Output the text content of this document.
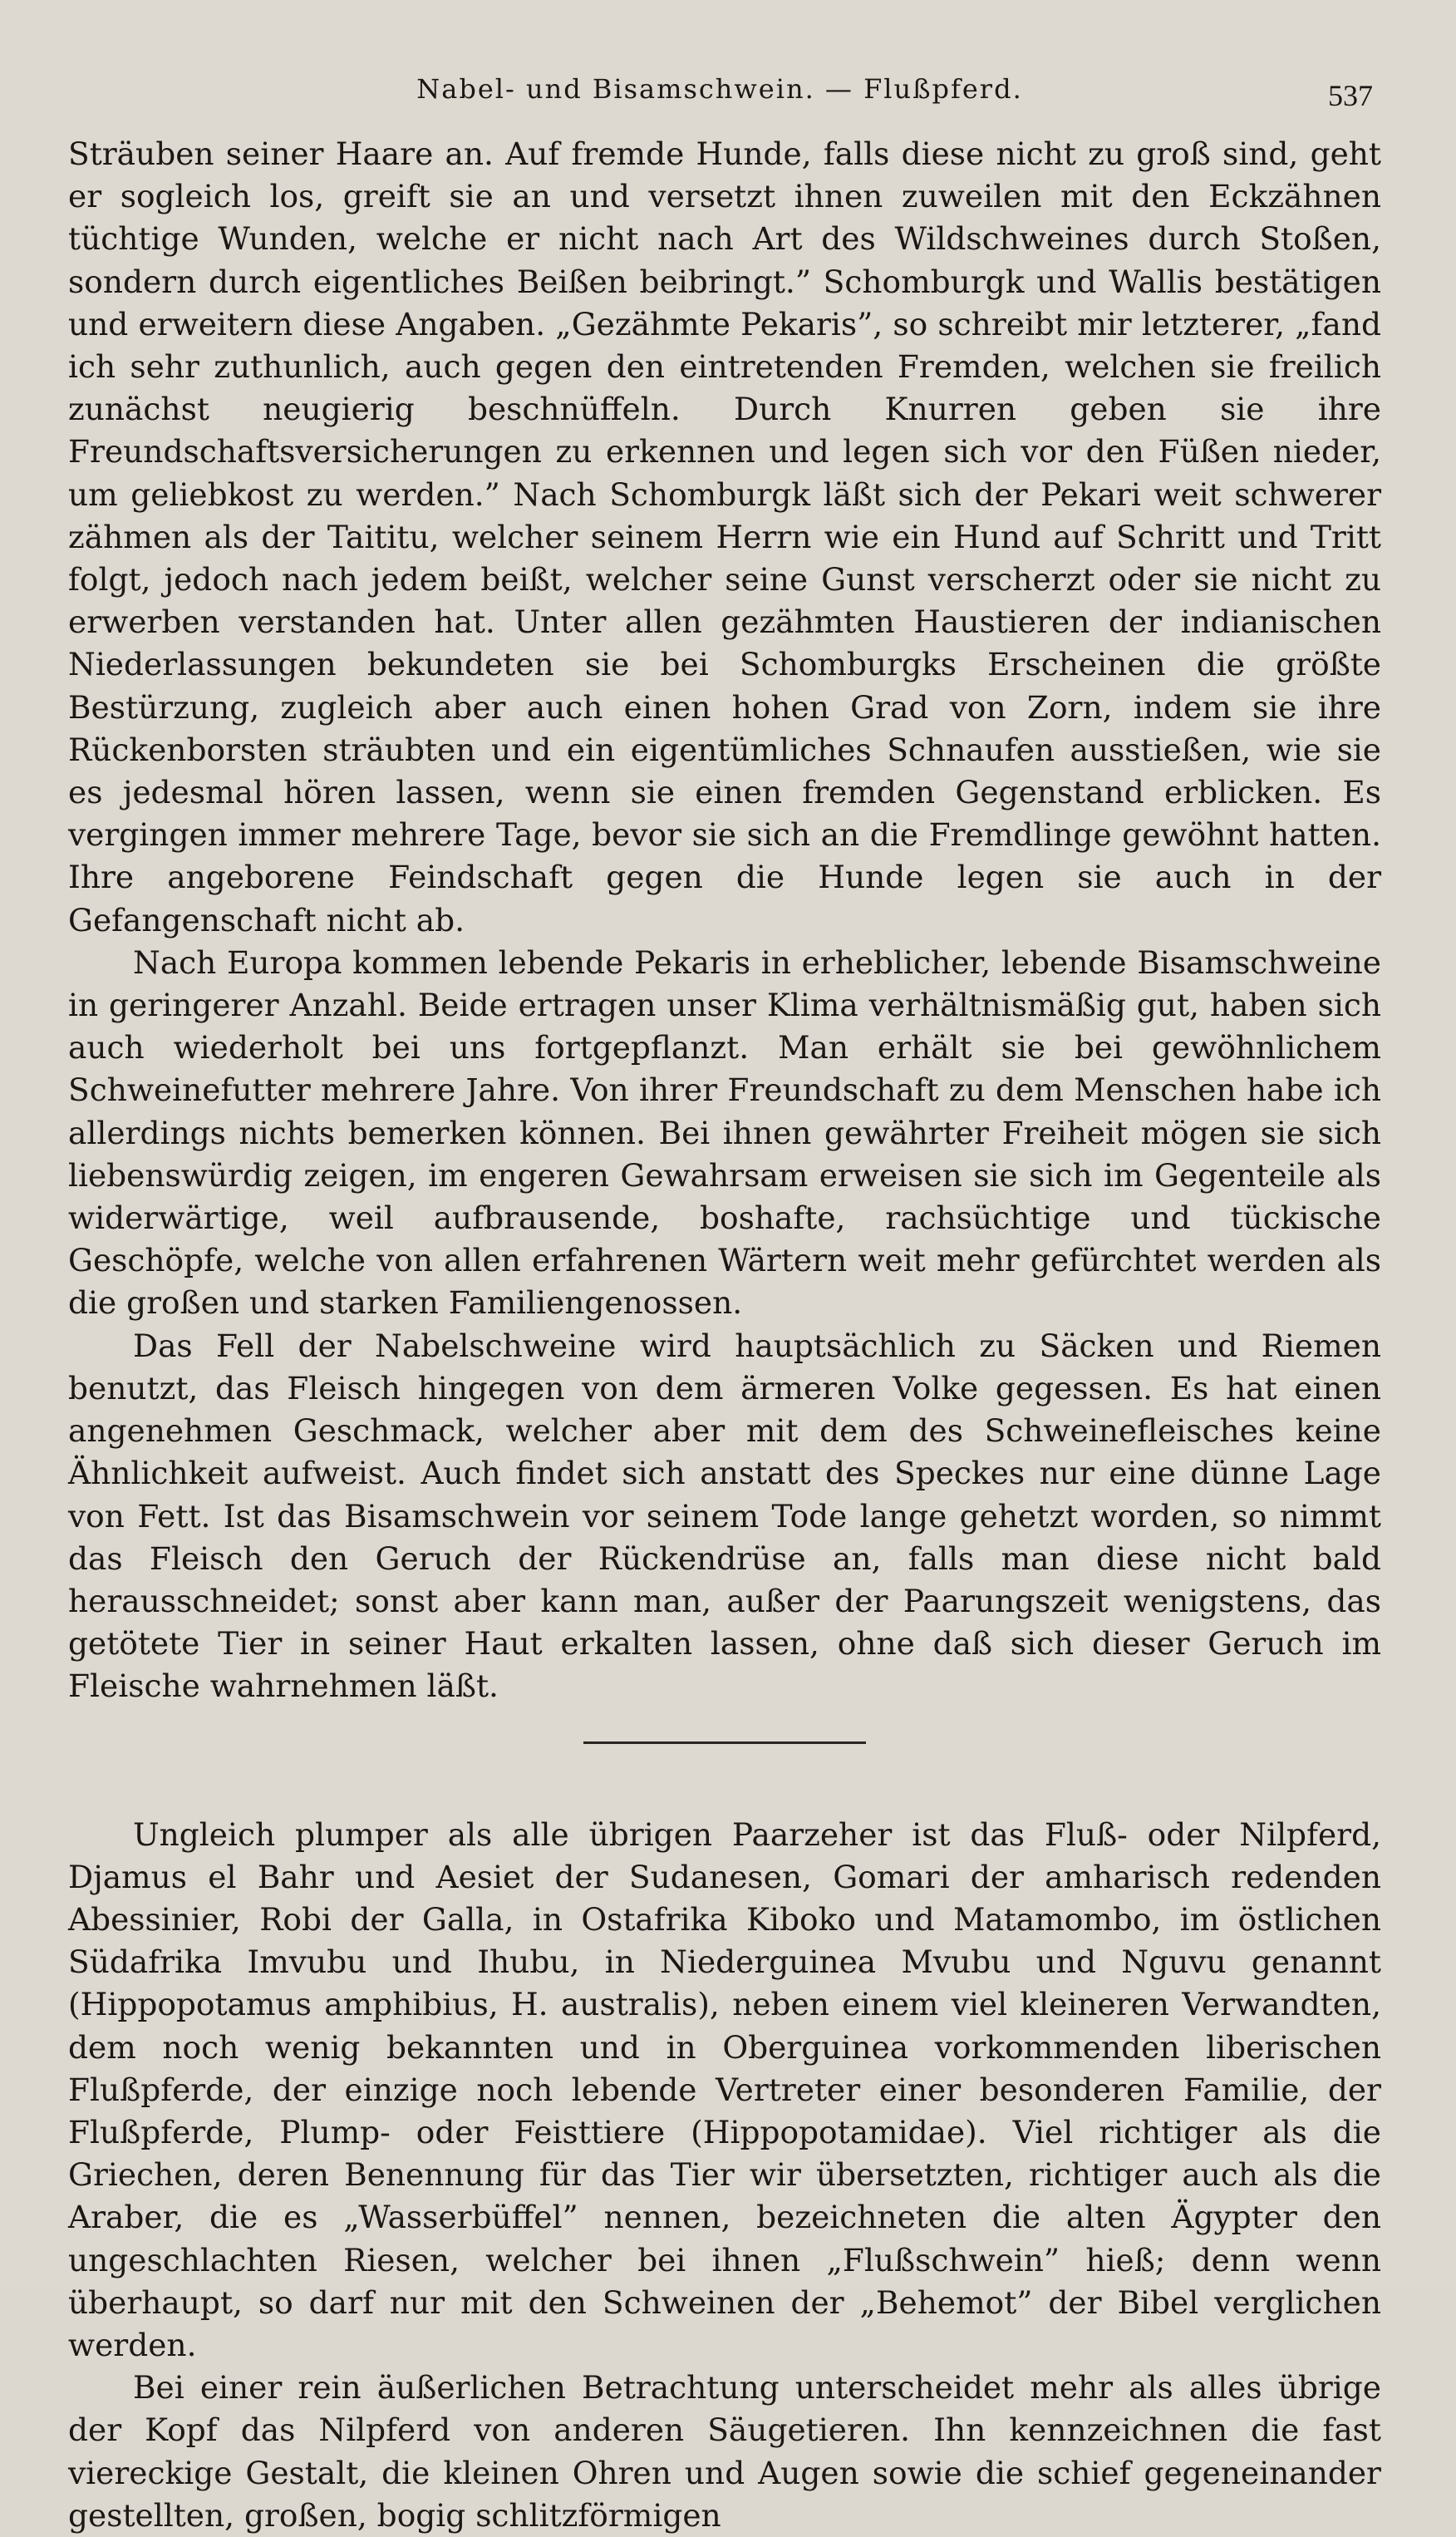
Nabel- und Bisamschwein. — Flußpferd.	537

Sträuben seiner Haare an. Auf fremde Hunde, falls diese nicht zu groß sind, geht er sogleich los, greift sie an und versetzt ihnen zuweilen mit den Eckzähnen tüchtige Wunden, welche er nicht nach Art des Wildschweines durch Stoßen, sondern durch eigentliches Beißen beibringt.” Schomburgk und Wallis bestätigen und erweitern diese Angaben. „Gezähmte Pekaris”, so schreibt mir letzterer, „fand ich sehr zuthunlich, auch gegen den eintretenden Fremden, welchen sie freilich zunächst neugierig beschnüffeln. Durch Knurren geben sie ihre Freundschaftsversicherungen zu erkennen und legen sich vor den Füßen nieder, um geliebkost zu werden.” Nach Schomburgk läßt sich der Pekari weit schwerer zähmen als der Taititu, welcher seinem Herrn wie ein Hund auf Schritt und Tritt folgt, jedoch nach jedem beißt, welcher seine Gunst verscherzt oder sie nicht zu erwerben verstanden hat. Unter allen gezähmten Haustieren der indianischen Niederlassungen bekundeten sie bei Schomburgks Erscheinen die größte Bestürzung, zugleich aber auch einen hohen Grad von Zorn, indem sie ihre Rückenborsten sträubten und ein eigentümliches Schnaufen ausstießen, wie sie es jedesmal hören lassen, wenn sie einen fremden Gegenstand erblicken. Es vergingen immer mehrere Tage, bevor sie sich an die Fremdlinge gewöhnt hatten. Ihre angeborene Feindschaft gegen die Hunde legen sie auch in der Gefangenschaft nicht ab.

Nach Europa kommen lebende Pekaris in erheblicher, lebende Bisamschweine in geringerer Anzahl. Beide ertragen unser Klima verhältnismäßig gut, haben sich auch wiederholt bei uns fortgepflanzt. Man erhält sie bei gewöhnlichem Schweinefutter mehrere Jahre. Von ihrer Freundschaft zu dem Menschen habe ich allerdings nichts bemerken können. Bei ihnen gewährter Freiheit mögen sie sich liebenswürdig zeigen, im engeren Gewahrsam erweisen sie sich im Gegenteile als widerwärtige, weil aufbrausende, boshafte, rachsüchtige und tückische Geschöpfe, welche von allen erfahrenen Wärtern weit mehr gefürchtet werden als die großen und starken Familiengenossen.

Das Fell der Nabelschweine wird hauptsächlich zu Säcken und Riemen benutzt, das Fleisch hingegen von dem ärmeren Volke gegessen. Es hat einen angenehmen Geschmack, welcher aber mit dem des Schweinefleisches keine Ähnlichkeit aufweist. Auch findet sich anstatt des Speckes nur eine dünne Lage von Fett. Ist das Bisamschwein vor seinem Tode lange gehetzt worden, so nimmt das Fleisch den Geruch der Rückendrüse an, falls man diese nicht bald herausschneidet; sonst aber kann man, außer der Paarungszeit wenigstens, das getötete Tier in seiner Haut erkalten lassen, ohne daß sich dieser Geruch im Fleische wahrnehmen läßt.

Ungleich plumper als alle übrigen Paarzeher ist das Fluß- oder Nilpferd, Djamus el Bahr und Aesiet der Sudanesen, Gomari der amharisch redenden Abessinier, Robi der Galla, in Ostafrika Kiboko und Matamombo, im östlichen Südafrika Imvubu und Ihubu, in Niederguinea Mvubu und Nguvu genannt (Hippopotamus amphibius, H. australis), neben einem viel kleineren Verwandten, dem noch wenig bekannten und in Oberguinea vorkommenden liberischen Flußpferde, der einzige noch lebende Vertreter einer besonderen Familie, der Flußpferde, Plump- oder Feisttiere (Hippopotamidae). Viel richtiger als die Griechen, deren Benennung für das Tier wir übersetzten, richtiger auch als die Araber, die es „Wasserbüffel” nennen, bezeichneten die alten Ägypter den ungeschlachten Riesen, welcher bei ihnen „Flußschwein” hieß; denn wenn überhaupt, so darf nur mit den Schweinen der „Behemot” der Bibel verglichen werden.

Bei einer rein äußerlichen Betrachtung unterscheidet mehr als alles übrige der Kopf das Nilpferd von anderen Säugetieren. Ihn kennzeichnen die fast viereckige Gestalt, die kleinen Ohren und Augen sowie die schief gegeneinander gestellten, großen, bogig schlitzförmigen
